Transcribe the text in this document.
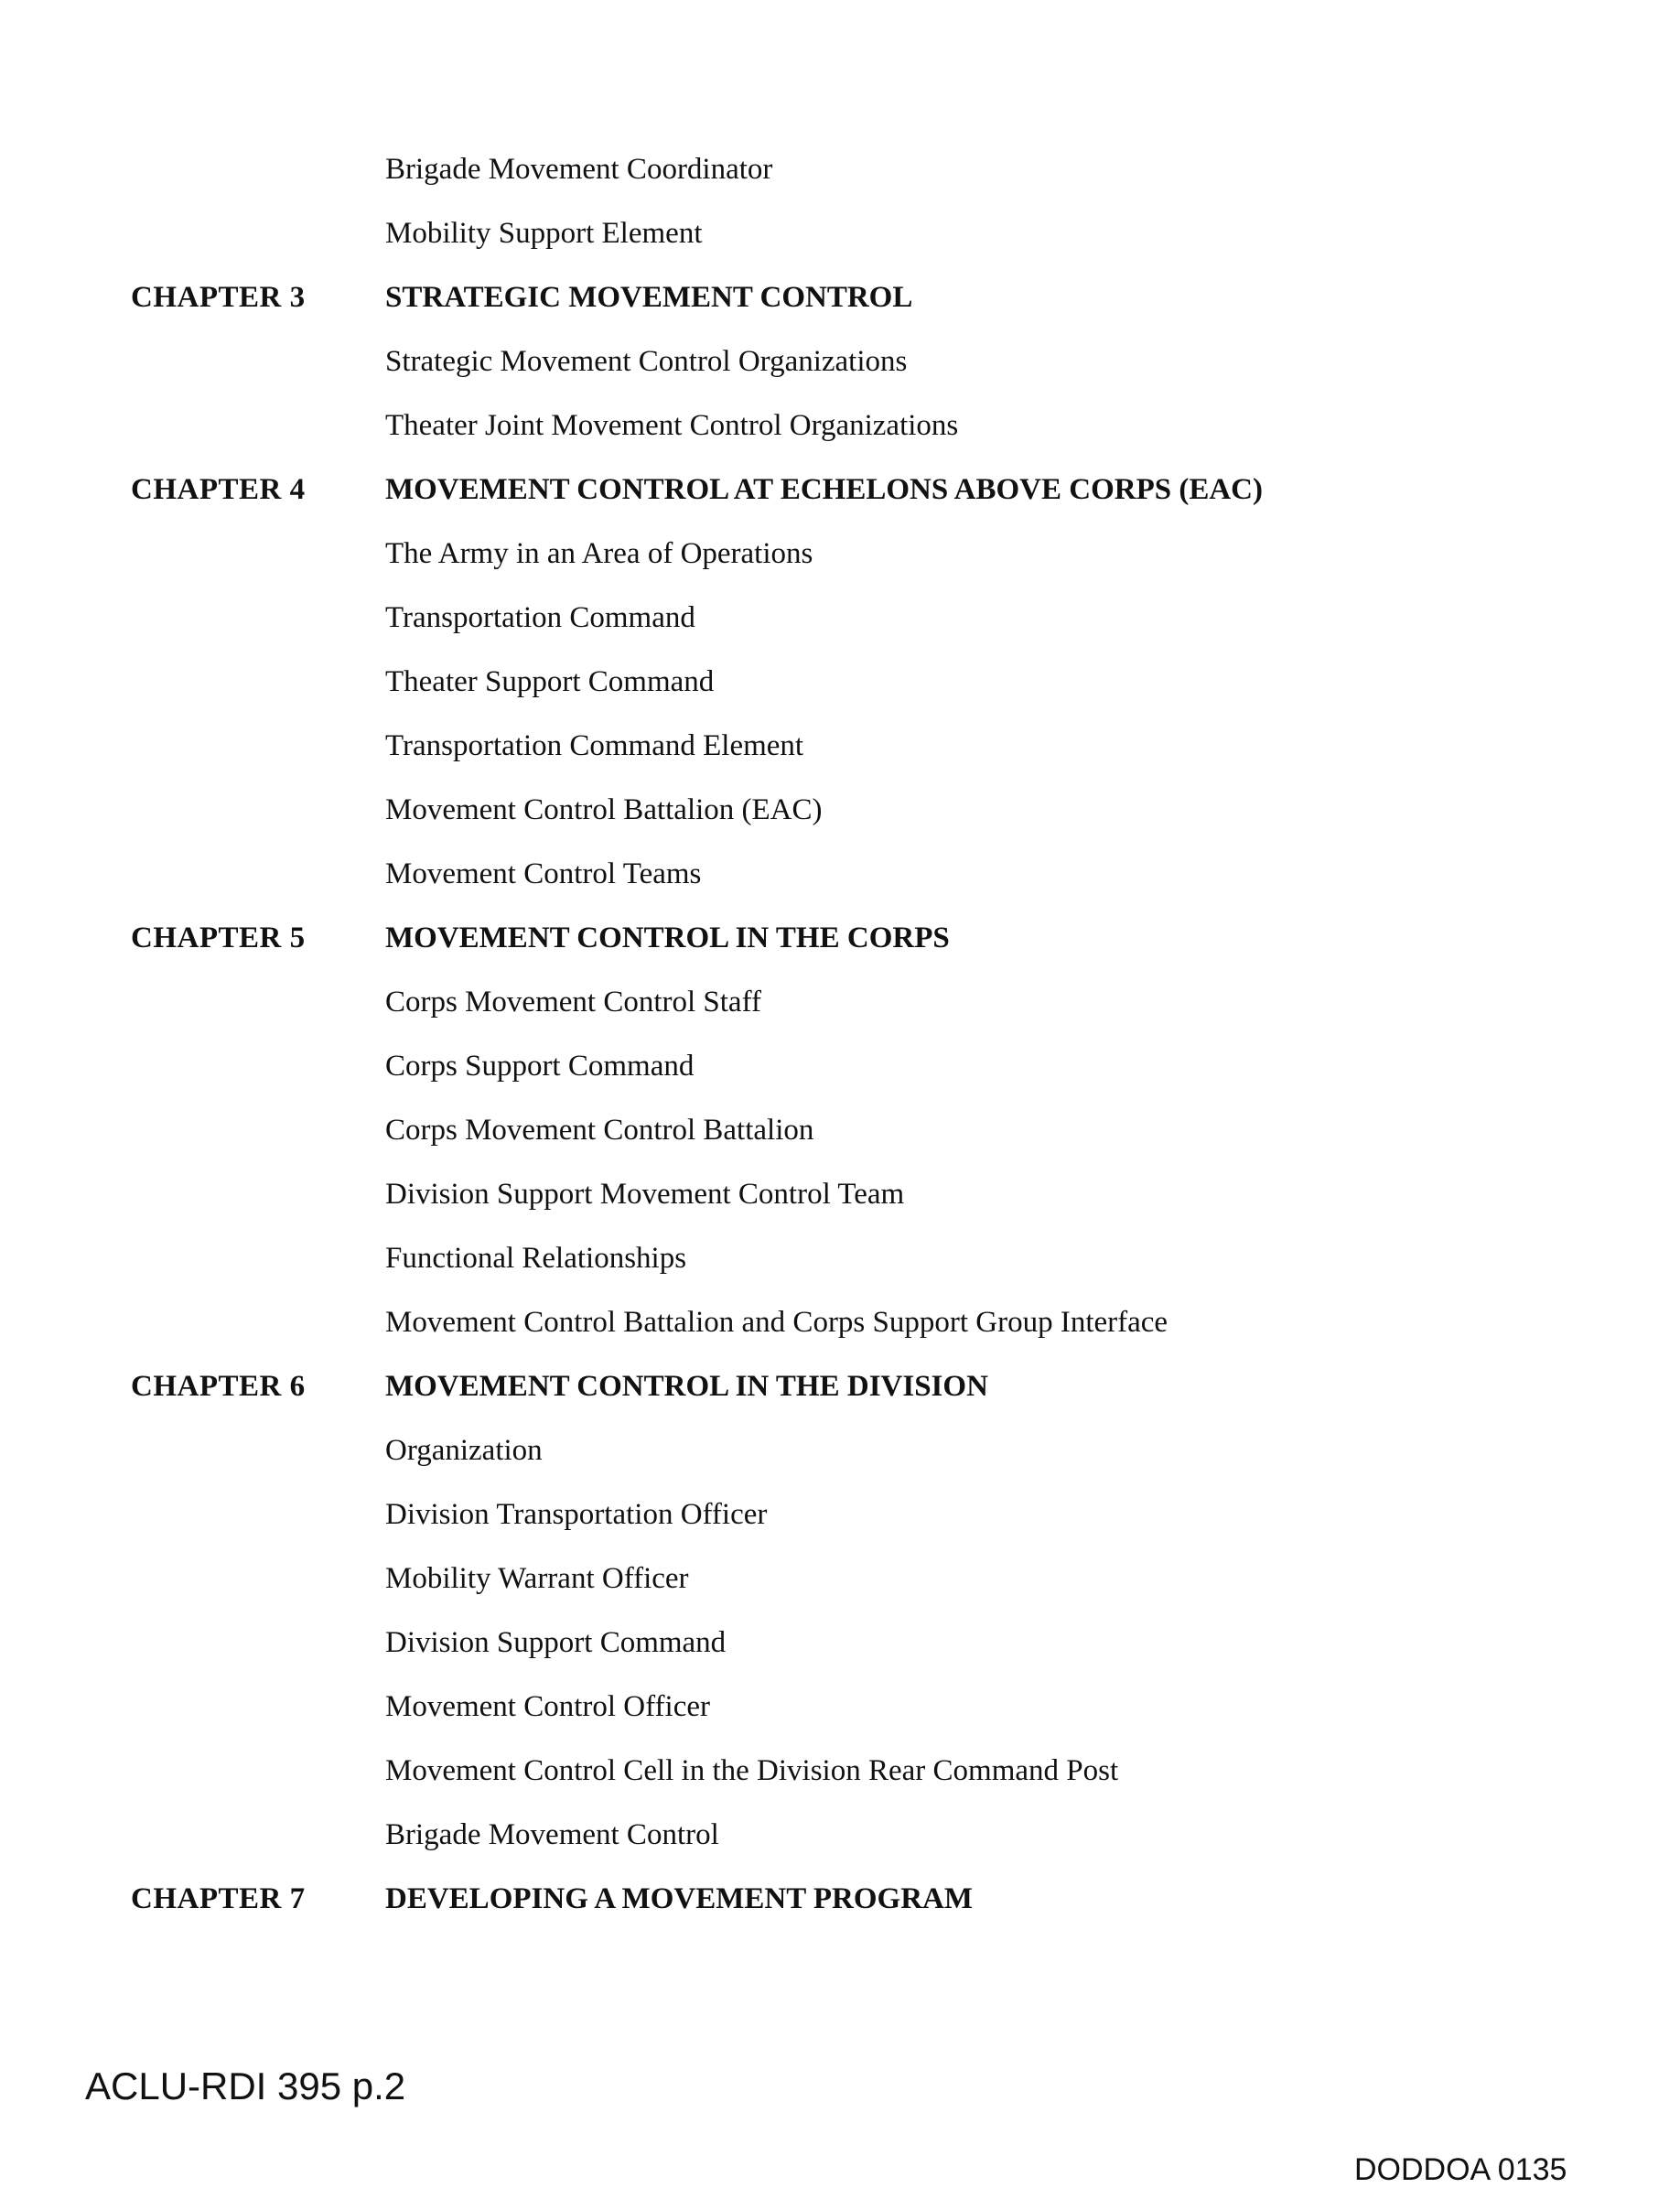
Brigade Movement Coordinator
Mobility Support Element
CHAPTER 3	STRATEGIC MOVEMENT CONTROL
Strategic Movement Control Organizations
Theater Joint Movement Control Organizations
CHAPTER 4	MOVEMENT CONTROL AT ECHELONS ABOVE CORPS (EAC)
The Army in an Area of Operations
Transportation Command
Theater Support Command
Transportation Command Element
Movement Control Battalion (EAC)
Movement Control Teams
CHAPTER 5	MOVEMENT CONTROL IN THE CORPS
Corps Movement Control Staff
Corps Support Command
Corps Movement Control Battalion
Division Support Movement Control Team
Functional Relationships
Movement Control Battalion and Corps Support Group Interface
CHAPTER 6	MOVEMENT CONTROL IN THE DIVISION
Organization
Division Transportation Officer
Mobility Warrant Officer
Division Support Command
Movement Control Officer
Movement Control Cell in the Division Rear Command Post
Brigade Movement Control
CHAPTER 7	DEVELOPING A MOVEMENT PROGRAM
ACLU-RDI 395 p.2
DODDOA 0135
